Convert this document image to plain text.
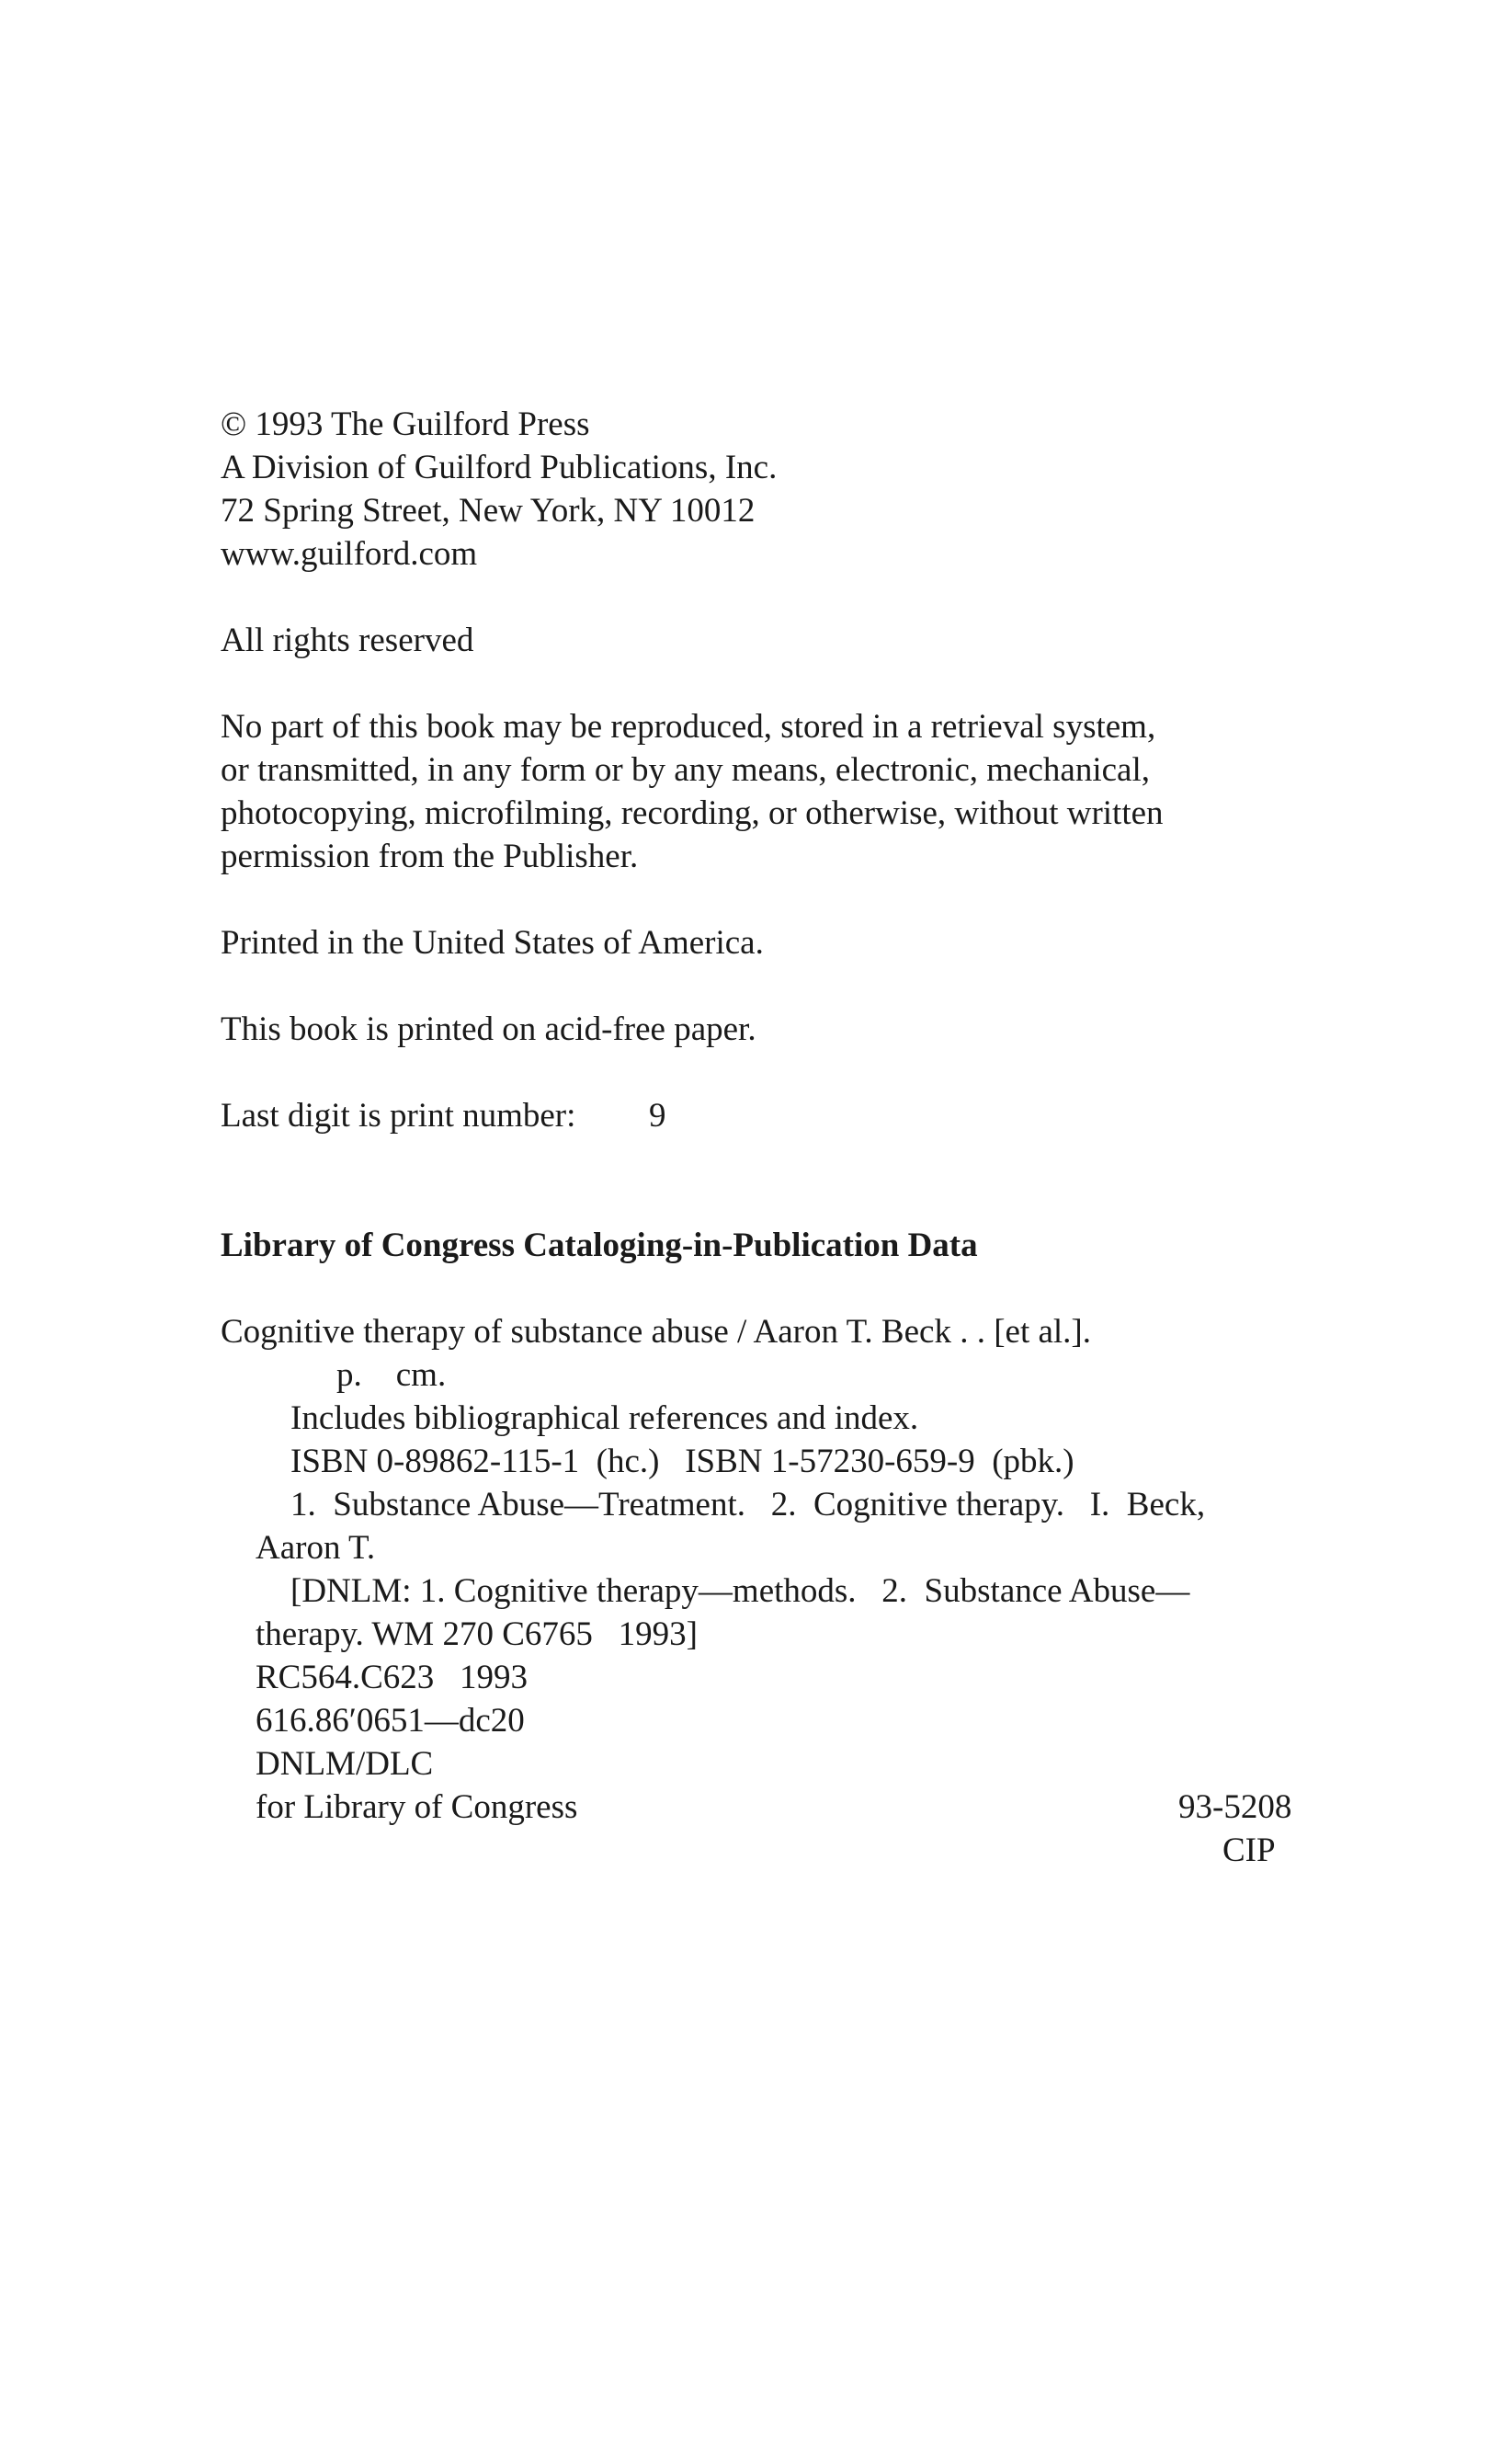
© 1993 The Guilford Press
A Division of Guilford Publications, Inc.
72 Spring Street, New York, NY 10012
www.guilford.com
All rights reserved
No part of this book may be reproduced, stored in a retrieval system,
or transmitted, in any form or by any means, electronic, mechanical,
photocopying, microfilming, recording, or otherwise, without written
permission from the Publisher.
Printed in the United States of America.
This book is printed on acid-free paper.
Last digit is print number: 9
Library of Congress Cataloging-in-Publication Data
Cognitive therapy of substance abuse / Aaron T. Beck . . [et al.].
p.    cm.
Includes bibliographical references and index.
ISBN 0-89862-115-1  (hc.)   ISBN 1-57230-659-9  (pbk.)
1.  Substance Abuse—Treatment.   2.  Cognitive therapy.   I.  Beck,
Aaron T.
[DNLM: 1. Cognitive therapy—methods.   2.  Substance Abuse—
therapy. WM 270 C6765   1993]
RC564.C623   1993
616.86′0651—dc20
DNLM/DLC
for Library of Congress	93-5208
CIP
